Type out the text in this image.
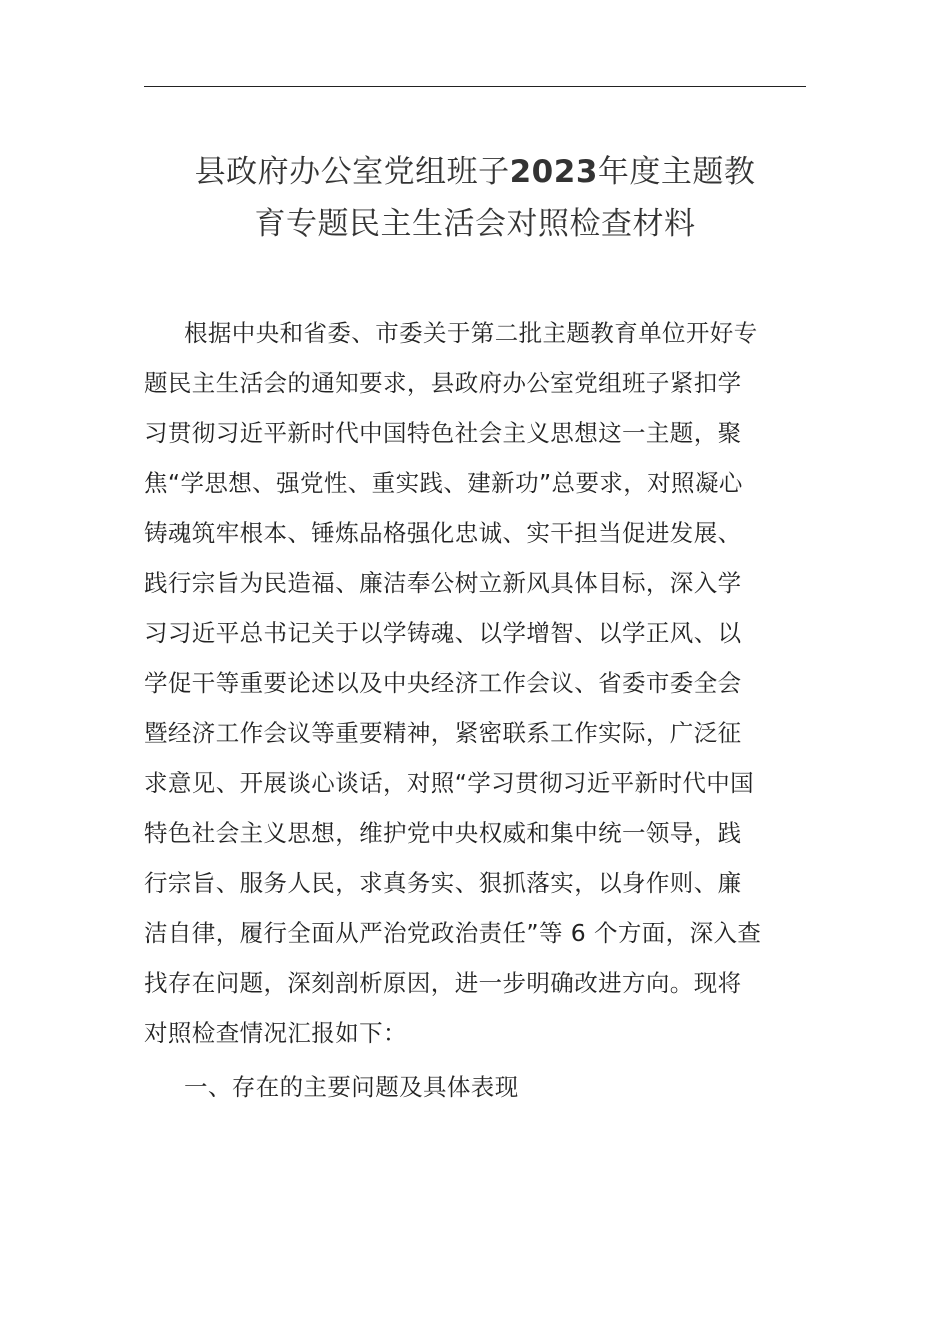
县政府办公室党组班子2023年度主题教
育专题民主生活会对照检查材料
根据中央和省委、市委关于第二批主题教育单位开好专
题民主生活会的通知要求，县政府办公室党组班子紧扣学
习贯彻习近平新时代中国特色社会主义思想这一主题，聚
焦“学思想、强党性、重实践、建新功”总要求，对照凝心
铸魂筑牢根本、锤炼品格强化忠诚、实干担当促进发展、
践行宗旨为民造福、廉洁奉公树立新风具体目标，深入学
习习近平总书记关于以学铸魂、以学增智、以学正风、以
学促干等重要论述以及中央经济工作会议、省委市委全会
暨经济工作会议等重要精神，紧密联系工作实际，广泛征
求意见、开展谈心谈话，对照“学习贯彻习近平新时代中国
特色社会主义思想，维护党中央权威和集中统一领导，践
行宗旨、服务人民，求真务实、狠抓落实，以身作则、廉
洁自律，履行全面从严治党政治责任”等 6 个方面，深入查
找存在问题，深刻剖析原因，进一步明确改进方向。现将
对照检查情况汇报如下：
一、存在的主要问题及具体表现
